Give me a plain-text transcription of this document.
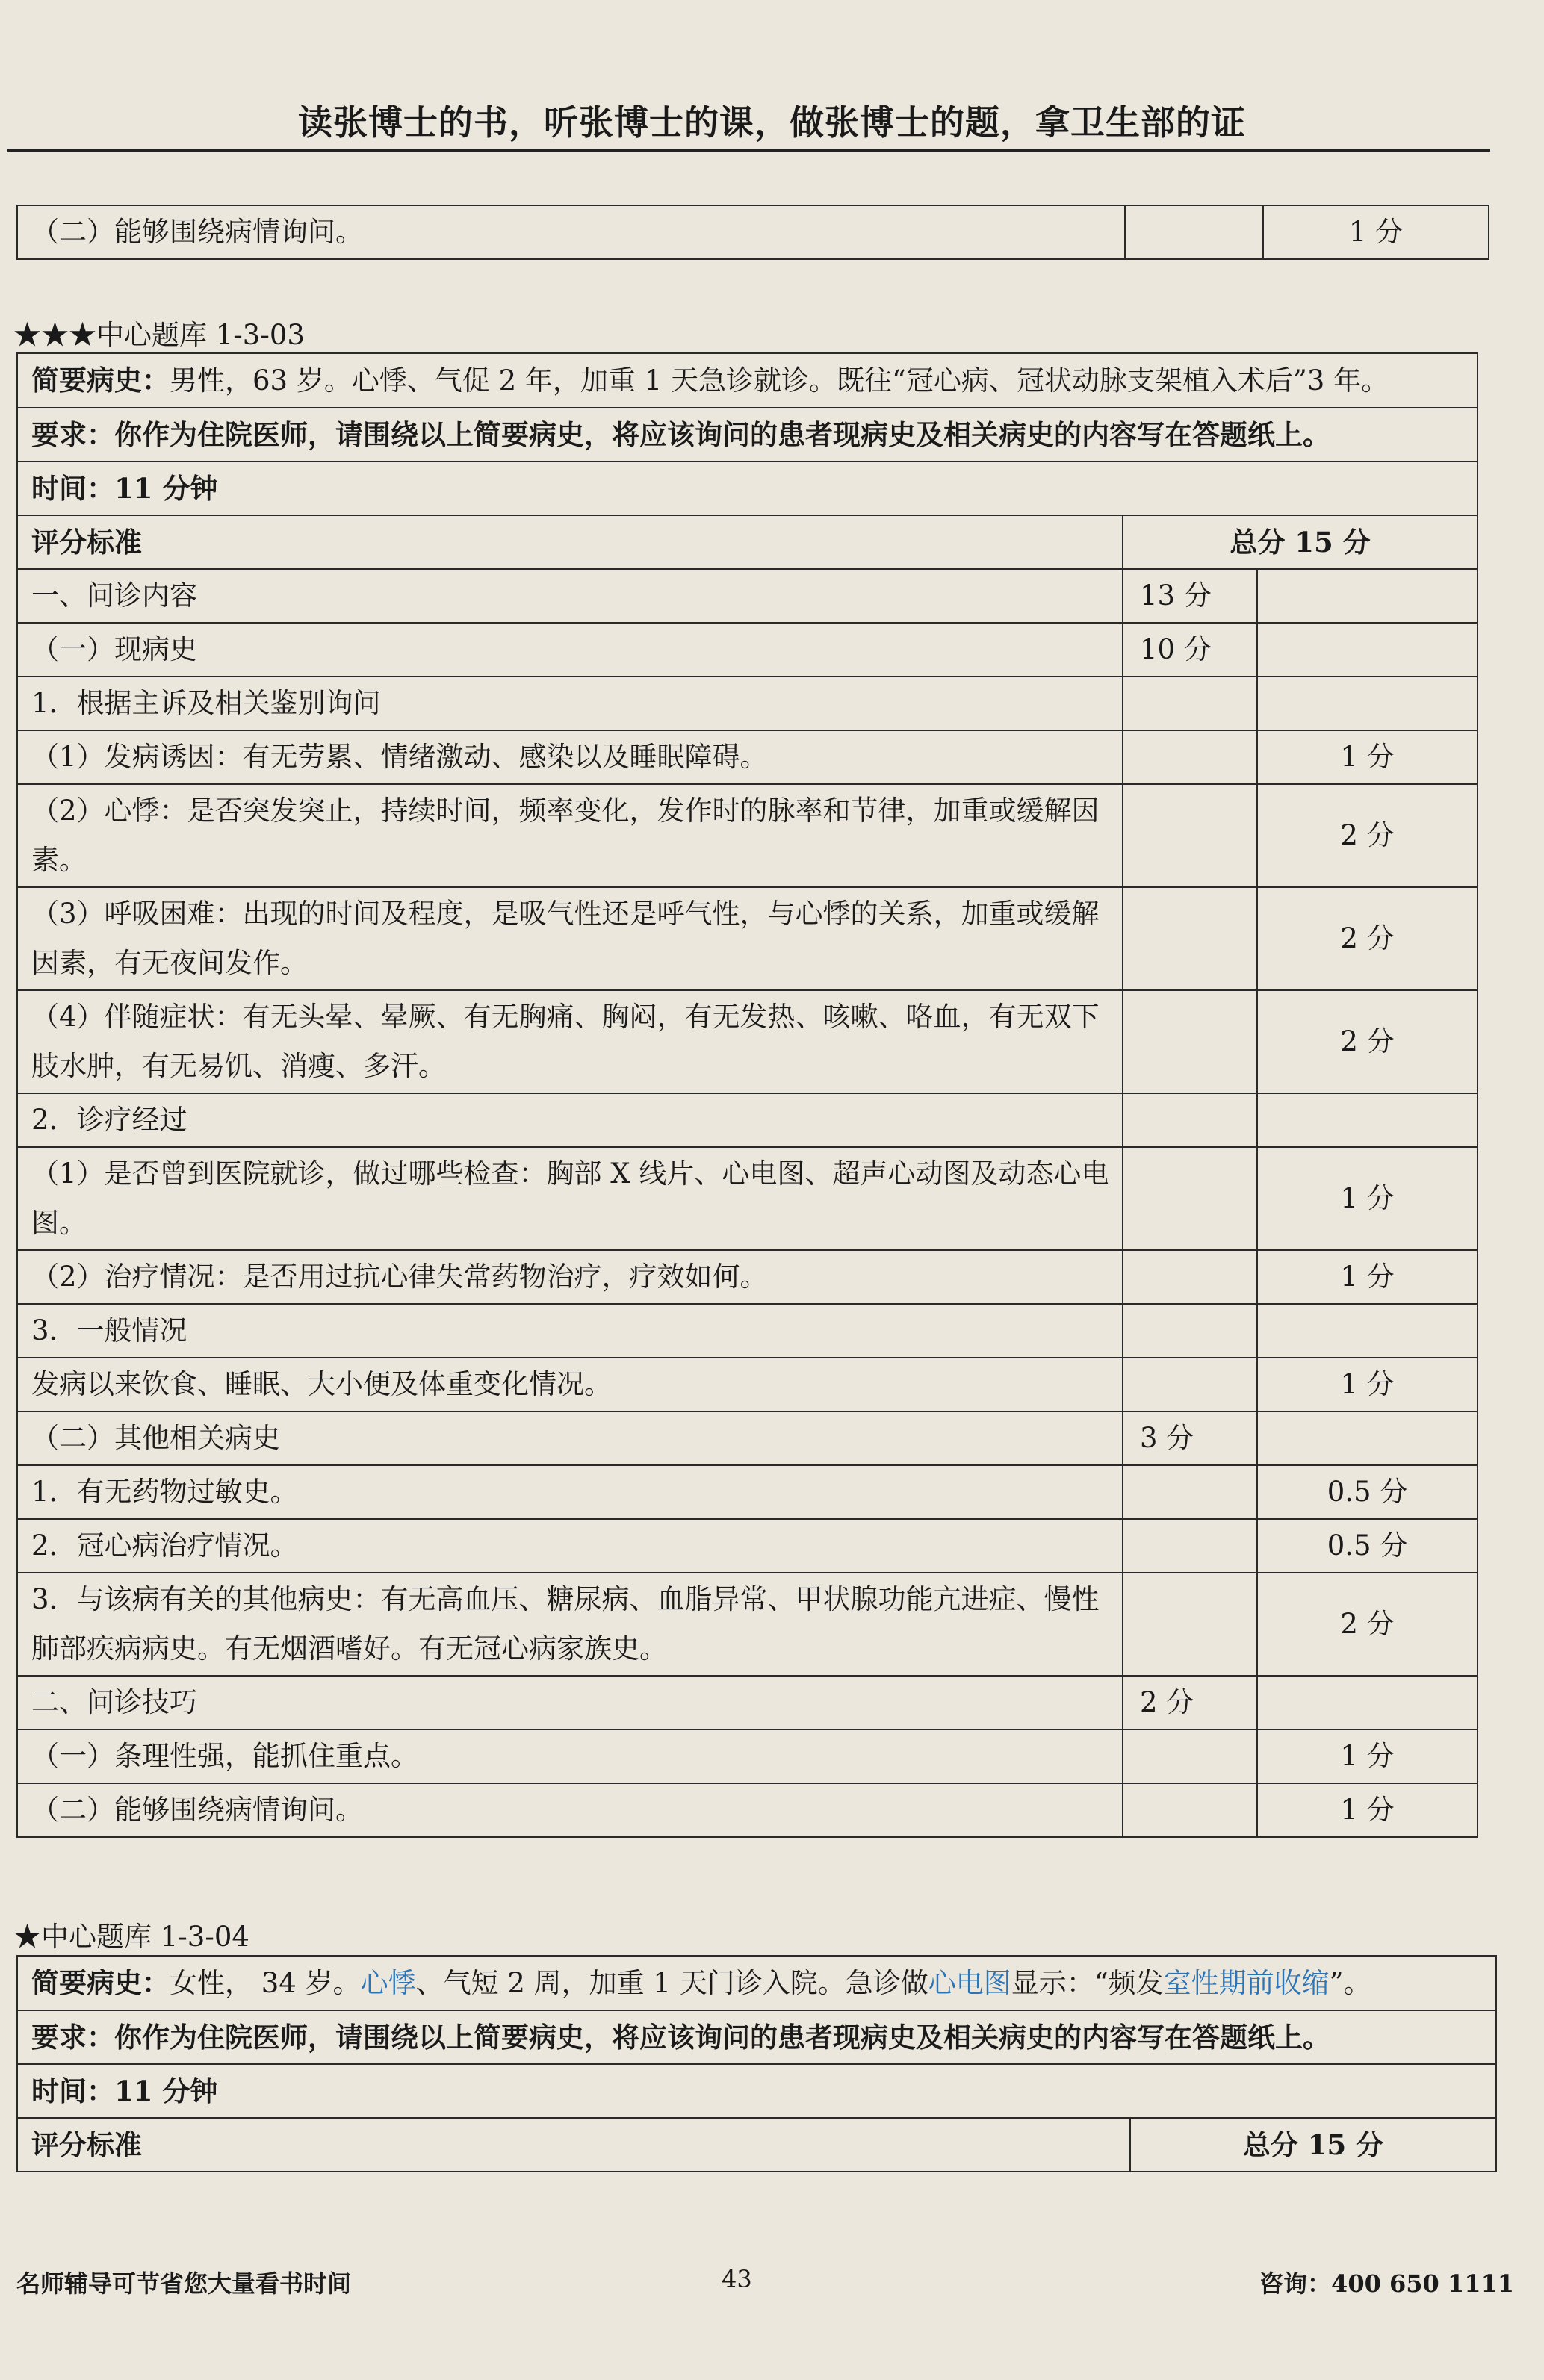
读张博士的书，听张博士的课，做张博士的题，拿卫生部的证
（二）能够围绕病情询问。		1 分
★★★中心题库 1-3-03
简要病史：男性，63 岁。心悸、气促 2 年，加重 1 天急诊就诊。既往“冠心病、冠状动脉支架植入术后”3 年。		
要求：你作为住院医师，请围绕以上简要病史，将应该询问的患者现病史及相关病史的内容写在答题纸上。		
时间：11 分钟		
评分标准	总分 15 分	
一、问诊内容	13 分	
（一）现病史	10 分	
1．根据主诉及相关鉴别询问		
（1）发病诱因：有无劳累、情绪激动、感染以及睡眠障碍。		1 分
（2）心悸：是否突发突止，持续时间，频率变化，发作时的脉率和节律，加重或缓解因素。		2 分
（3）呼吸困难：出现的时间及程度，是吸气性还是呼气性，与心悸的关系，加重或缓解因素，有无夜间发作。		2 分
（4）伴随症状：有无头晕、晕厥、有无胸痛、胸闷，有无发热、咳嗽、咯血，有无双下肢水肿，有无易饥、消瘦、多汗。		2 分
2．诊疗经过		
（1）是否曾到医院就诊，做过哪些检查：胸部 X 线片、心电图、超声心动图及动态心电图。		1 分
（2）治疗情况：是否用过抗心律失常药物治疗，疗效如何。		1 分
3．一般情况		
发病以来饮食、睡眠、大小便及体重变化情况。		1 分
（二）其他相关病史	3 分	
1．有无药物过敏史。		0.5 分
2．冠心病治疗情况。		0.5 分
3．与该病有关的其他病史：有无高血压、糖尿病、血脂异常、甲状腺功能亢进症、慢性肺部疾病病史。有无烟酒嗜好。有无冠心病家族史。		2 分
二、问诊技巧	2 分	
（一）条理性强，能抓住重点。		1 分
（二）能够围绕病情询问。		1 分
★中心题库 1-3-04
简要病史：女性， 34 岁。心悸、气短 2 周，加重 1 天门诊入院。急诊做心电图显示：“频发室性期前收缩”。
要求：你作为住院医师，请围绕以上简要病史，将应该询问的患者现病史及相关病史的内容写在答题纸上。
时间：11 分钟
评分标准	总分 15 分
名师辅导可节省您大量看书时间	43	咨询：400 650 1111
